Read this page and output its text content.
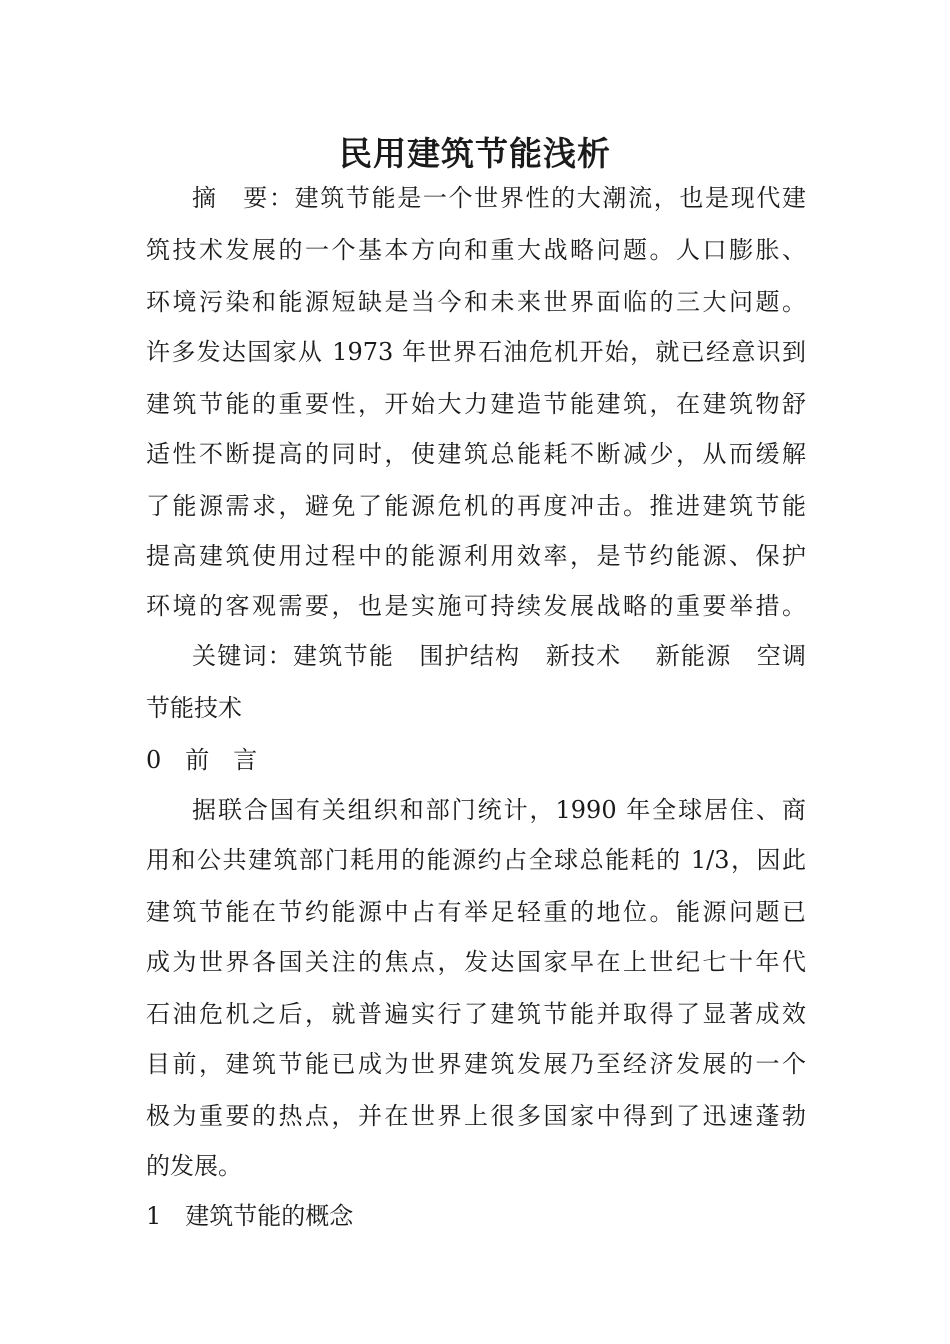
民用建筑节能浅析
摘　要：建筑节能是一个世界性的大潮流，也是现代建
筑技术发展的一个基本方向和重大战略问题。人口膨胀、
环境污染和能源短缺是当今和未来世界面临的三大问题。
许多发达国家从 1973 年世界石油危机开始，就已经意识到
建筑节能的重要性，开始大力建造节能建筑，在建筑物舒
适性不断提高的同时，使建筑总能耗不断减少，从而缓解
了能源需求，避免了能源危机的再度冲击。推进建筑节能
提高建筑使用过程中的能源利用效率，是节约能源、保护
环境的客观需要，也是实施可持续发展战略的重要举措。
关键词：建筑节能　围护结构　新技术　 新能源　空调
节能技术
0　前　言
据联合国有关组织和部门统计，1990 年全球居住、商
用和公共建筑部门耗用的能源约占全球总能耗的 1/3，因此
建筑节能在节约能源中占有举足轻重的地位。能源问题已
成为世界各国关注的焦点，发达国家早在上世纪七十年代
石油危机之后，就普遍实行了建筑节能并取得了显著成效
目前，建筑节能已成为世界建筑发展乃至经济发展的一个
极为重要的热点，并在世界上很多国家中得到了迅速蓬勃
的发展。
1　建筑节能的概念
